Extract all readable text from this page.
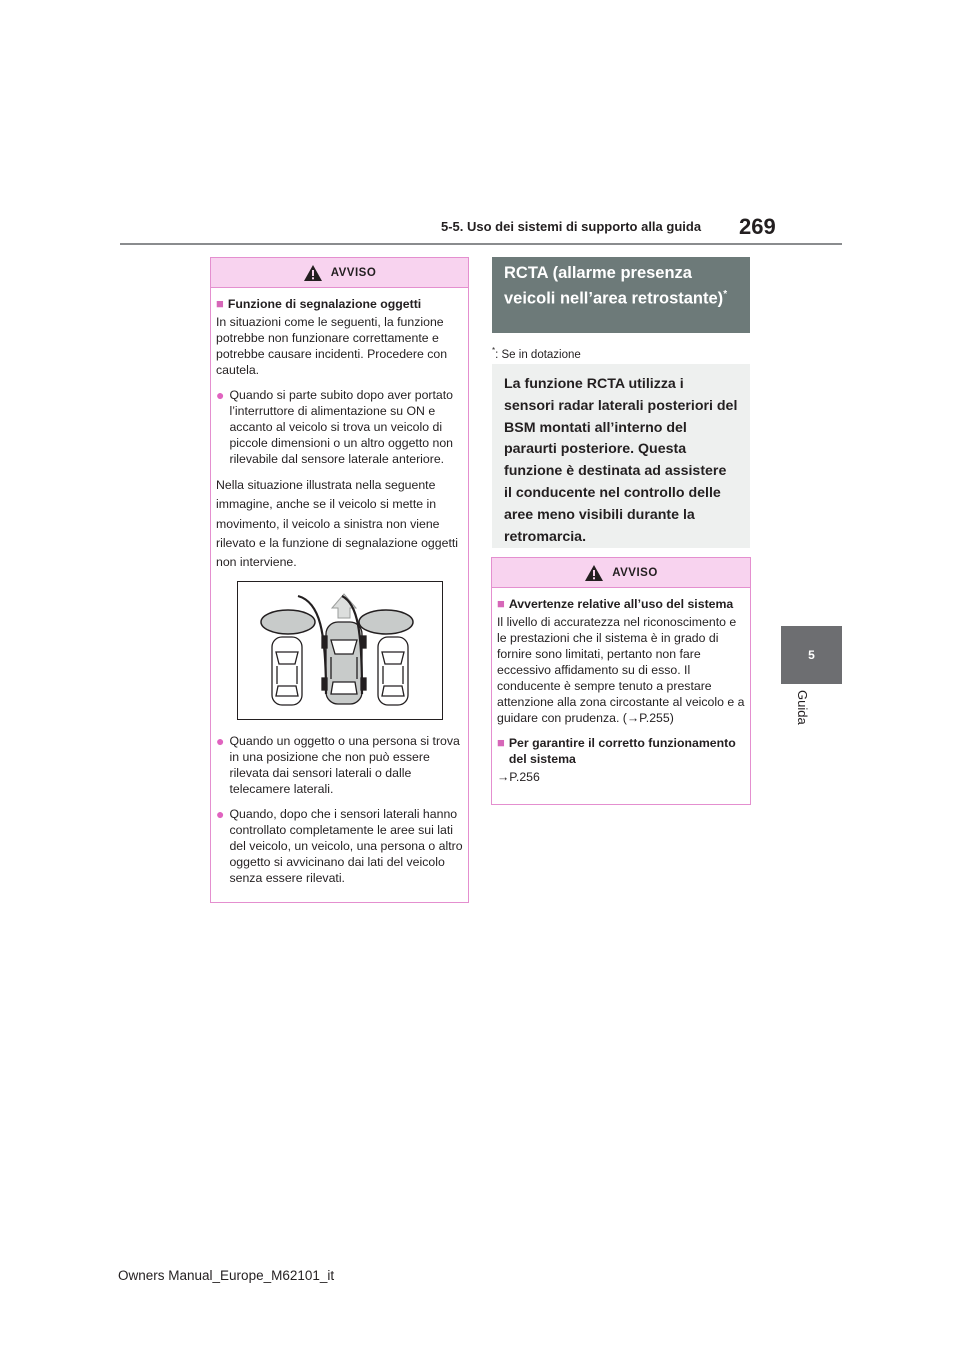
5-5. Uso dei sistemi di supporto alla guida 269
5
Guida
AVVISO
■ Funzione di segnalazione oggetti

In situazioni come le seguenti, la funzione potrebbe non funzionare correttamente e potrebbe causare incidenti. Procedere con cautela.

● Quando si parte subito dopo aver portato l’interruttore di alimentazione su ON e accanto al veicolo si trova un veicolo di piccole dimensioni o un altro oggetto non rilevabile dal sensore laterale anteriore.

Nella situazione illustrata nella seguente immagine, anche se il veicolo si mette in movimento, il veicolo a sinistra non viene rilevato e la funzione di segnalazione oggetti non interviene.

● Quando un oggetto o una persona si trova in una posizione che non può essere rilevata dai sensori laterali o dalle telecamere laterali.
● Quando, dopo che i sensori laterali hanno controllato completamente le aree sui lati del veicolo, un veicolo, una persona o altro oggetto si avvicinano dai lati del veicolo senza essere rilevati.
RCTA (allarme presenza veicoli nell’area retrostante)*
*: Se in dotazione
La funzione RCTA utilizza i sensori radar laterali posteriori del BSM montati all’interno del paraurti posteriore. Questa funzione è destinata ad assistere il conducente nel controllo delle aree meno visibili durante la retromarcia.
AVVISO
■ Avvertenze relative all’uso del sistema

Il livello di accuratezza nel riconoscimento e le prestazioni che il sistema è in grado di fornire sono limitati, pertanto non fare eccessivo affidamento su di esso. Il conducente è sempre tenuto a prestare attenzione alla zona circostante al veicolo e a guidare con prudenza. (→P.255)

■ Per garantire il corretto funzionamento del sistema

→P.256

Owners Manual_Europe_M62101_it
